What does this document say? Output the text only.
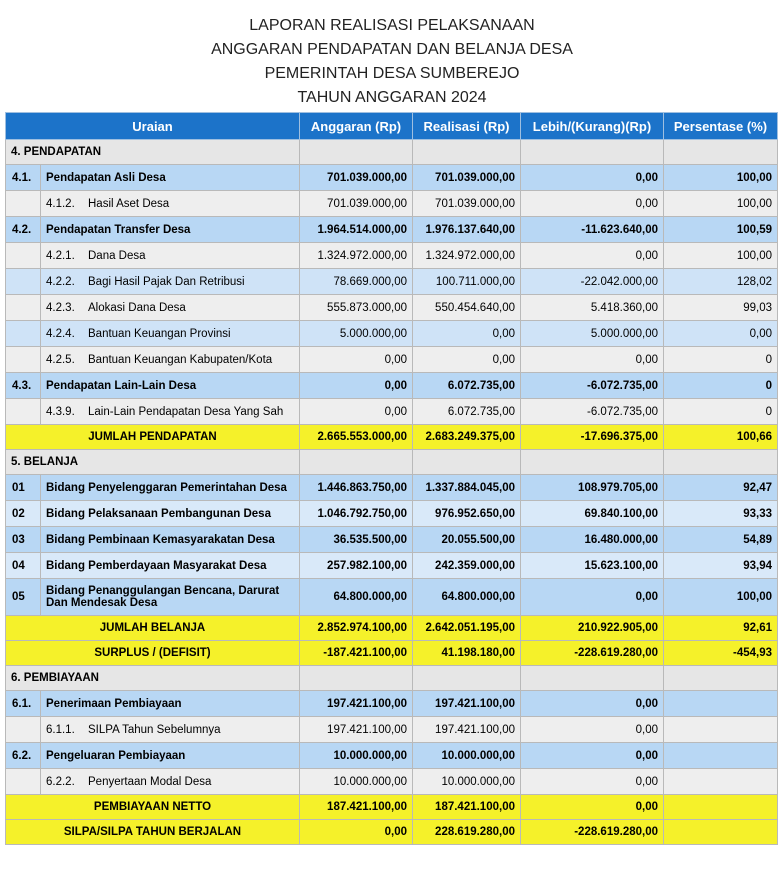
LAPORAN REALISASI PELAKSANAAN
ANGGARAN PENDAPATAN DAN BELANJA DESA
PEMERINTAH DESA SUMBEREJO
TAHUN ANGGARAN 2024
Uraian		Anggaran (Rp)	Realisasi (Rp)	Lebih/(Kurang)(Rp)	Persentase (%)
4. PENDAPATAN					
4.1.	Pendapatan Asli Desa	701.039.000,00	701.039.000,00	0,00	100,00
	4.1.2. Hasil Aset Desa	701.039.000,00	701.039.000,00	0,00	100,00
4.2.	Pendapatan Transfer Desa	1.964.514.000,00	1.976.137.640,00	-11.623.640,00	100,59
	4.2.1. Dana Desa	1.324.972.000,00	1.324.972.000,00	0,00	100,00
	4.2.2. Bagi Hasil Pajak Dan Retribusi	78.669.000,00	100.711.000,00	-22.042.000,00	128,02
	4.2.3. Alokasi Dana Desa	555.873.000,00	550.454.640,00	5.418.360,00	99,03
	4.2.4. Bantuan Keuangan Provinsi	5.000.000,00	0,00	5.000.000,00	0,00
	4.2.5. Bantuan Keuangan Kabupaten/Kota	0,00	0,00	0,00	0
4.3.	Pendapatan Lain-Lain Desa	0,00	6.072.735,00	-6.072.735,00	0
	4.3.9. Lain-Lain Pendapatan Desa Yang Sah	0,00	6.072.735,00	-6.072.735,00	0
JUMLAH PENDAPATAN		2.665.553.000,00	2.683.249.375,00	-17.696.375,00	100,66
5. BELANJA					
01	Bidang Penyelenggaran Pemerintahan Desa	1.446.863.750,00	1.337.884.045,00	108.979.705,00	92,47
02	Bidang Pelaksanaan Pembangunan Desa	1.046.792.750,00	976.952.650,00	69.840.100,00	93,33
03	Bidang Pembinaan Kemasyarakatan Desa	36.535.500,00	20.055.500,00	16.480.000,00	54,89
04	Bidang Pemberdayaan Masyarakat Desa	257.982.100,00	242.359.000,00	15.623.100,00	93,94
05	Bidang Penanggulangan Bencana, Darurat Dan Mendesak Desa	64.800.000,00	64.800.000,00	0,00	100,00
JUMLAH BELANJA		2.852.974.100,00	2.642.051.195,00	210.922.905,00	92,61
SURPLUS / (DEFISIT)		-187.421.100,00	41.198.180,00	-228.619.280,00	-454,93
6. PEMBIAYAAN					
6.1.	Penerimaan Pembiayaan	197.421.100,00	197.421.100,00	0,00	
	6.1.1. SILPA Tahun Sebelumnya	197.421.100,00	197.421.100,00	0,00	
6.2.	Pengeluaran Pembiayaan	10.000.000,00	10.000.000,00	0,00	
	6.2.2. Penyertaan Modal Desa	10.000.000,00	10.000.000,00	0,00	
PEMBIAYAAN NETTO		187.421.100,00	187.421.100,00	0,00	
SILPA/SILPA TAHUN BERJALAN		0,00	228.619.280,00	-228.619.280,00	
